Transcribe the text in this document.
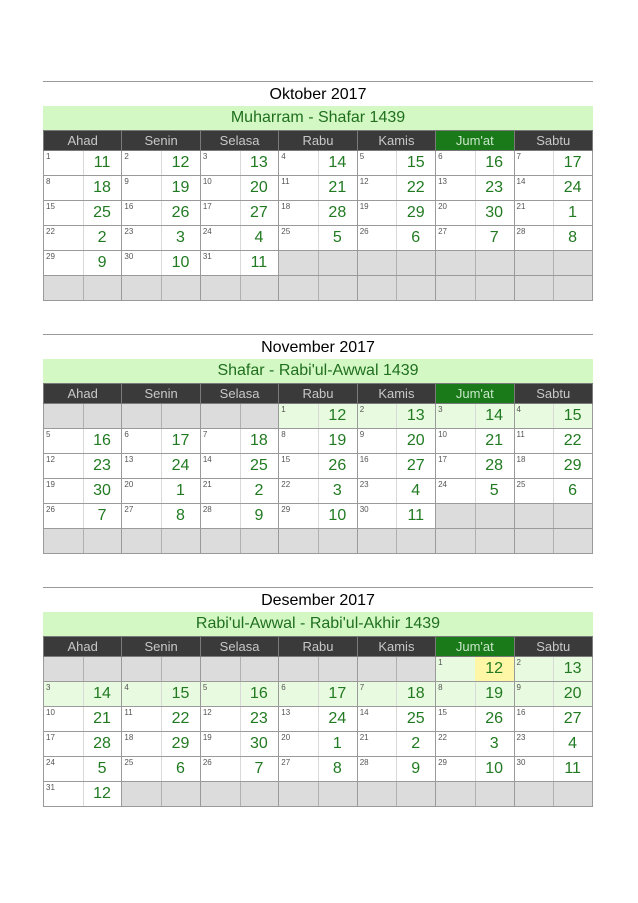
Oktober 2017
Muharram - Shafar 1439
Ahad	Senin	Selasa	Rabu	Kamis	Jum'at	Sabtu

1 11	2 12	3 13	4 14	5 15	6 16	7 17

8 18	9 19	10 20	11 21	12 22	13 23	14 24

15 25	16 26	17 27	18 28	19 29	20 30	21 1

22 2	23 3	24 4	25 5	26 6	27 7	28 8

29 9	30 10	31 11				

November 2017
Shafar - Rabi'ul-Awwal 1439
Ahad	Senin	Selasa	Rabu	Kamis	Jum'at	Sabtu

			1 12	2 13	3 14	4 15

5 16	6 17	7 18	8 19	9 20	10 21	11 22

12 23	13 24	14 25	15 26	16 27	17 28	18 29

19 30	20 1	21 2	22 3	23 4	24 5	25 6

26 7	27 8	28 9	29 10	30 11		

Desember 2017
Rabi'ul-Awwal - Rabi'ul-Akhir 1439
Ahad	Senin	Selasa	Rabu	Kamis	Jum'at	Sabtu

					1 12	2 13

3 14	4 15	5 16	6 17	7 18	8 19	9 20

10 21	11 22	12 23	13 24	14 25	15 26	16 27

17 28	18 29	19 30	20 1	21 2	22 3	23 4

24 5	25 6	26 7	27 8	28 9	29 10	30 11

31 12						
